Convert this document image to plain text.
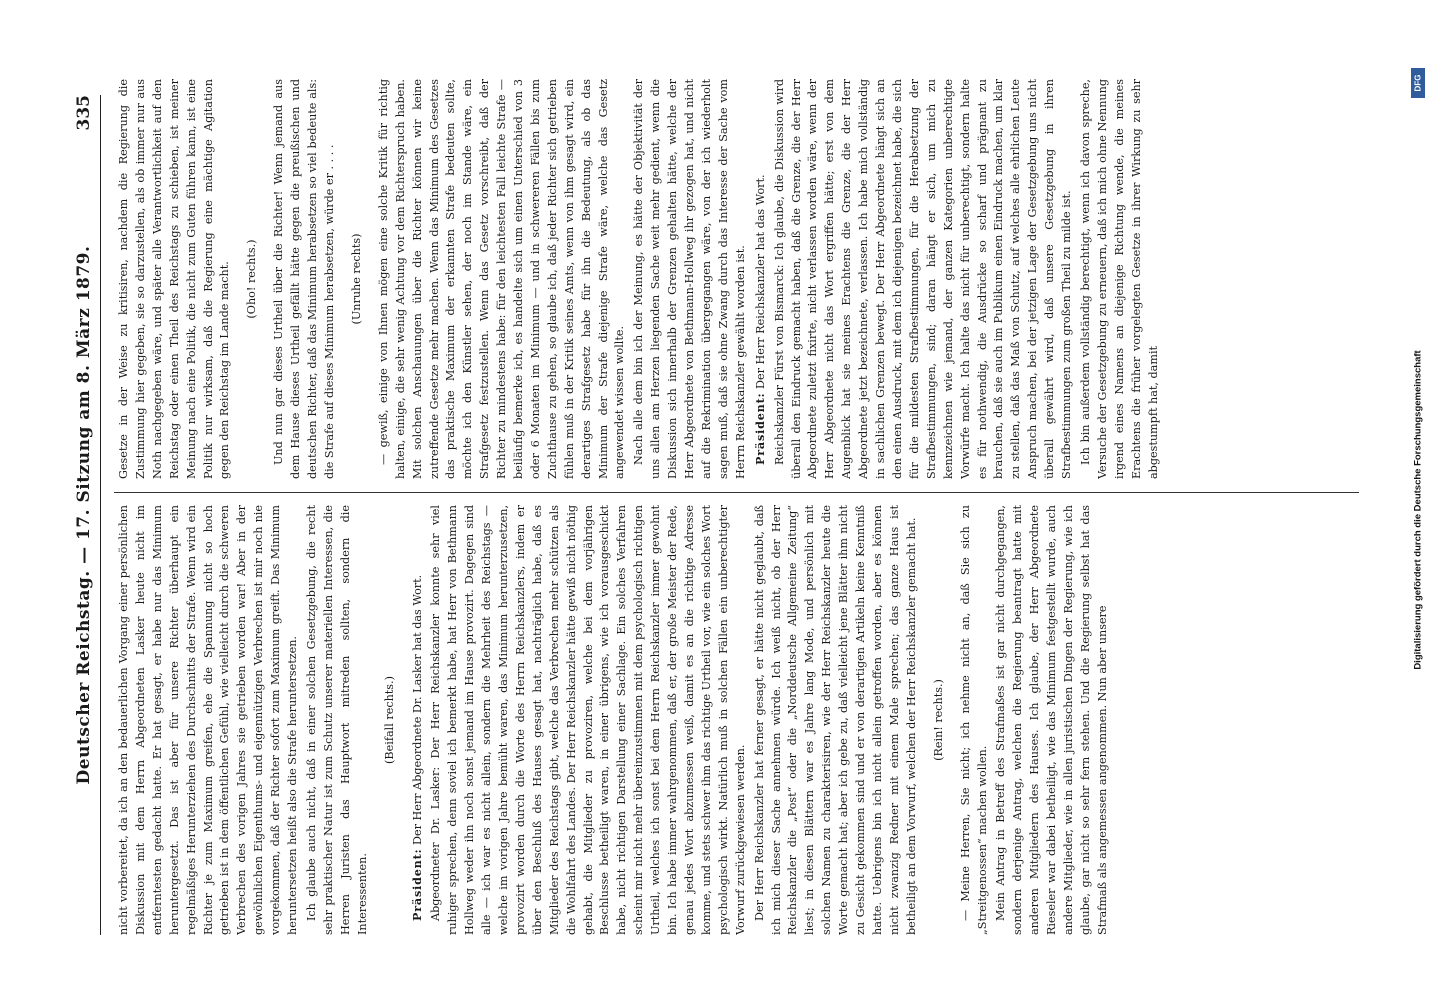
Deutscher Reichstag. — 17. Sitzung am 8. März 1879.
335

nicht vorbereitet, da ich an den bedauerlichen Vorgang einer persönlichen Diskussion mit dem Herrn Abgeordneten Lasker heute nicht im entferntesten gedacht hatte. Er hat gesagt, er habe nur das Minimum heruntergesetzt. Das ist aber für unsere Richter überhaupt ein regelmäßiges Herunterziehen des Durchschnitts der Strafe. Wenn wird ein Richter je zum Maximum greifen, ehe die Spannung nicht so hoch getrieben ist in dem öffentlichen Gefühl, wie vielleicht durch die schweren Verbrechen des vorigen Jahres sie getrieben worden war! Aber in der gewöhnlichen Eigenthums- und eigennützigen Verbrechen ist mir noch nie vorgekommen, daß der Richter sofort zum Maximum greift. Das Minimum heruntersetzen heißt also die Strafe heruntersetzen. Ich glaube auch nicht, daß in einer solchen Gesetzgebung, die recht sehr praktischer Natur ist zum Schutz unserer materiellen Interessen, die Herren Juristen das Hauptwort mitreden sollten, sondern die Interessenten.

(Beifall rechts.)

Präsident: Der Herr Abgeordnete Dr. Lasker hat das Wort. Abgeordneter Dr. Lasker: Der Herr Reichskanzler konnte sehr viel ruhiger sprechen, denn soviel ich bemerkt habe, hat Herr von Bethmann Hollweg weder ihn noch sonst jemand im Hause provozirt. Dagegen sind alle — ich war es nicht allein, sondern die Mehrheit des Reichstags — welche im vorigen Jahre bemüht waren, das Minimum herunterzusetzen, provozirt worden durch die Worte des Herrn Reichskanzlers, indem er über den Beschluß des Hauses gesagt hat, nachträglich habe, daß es Mitglieder des Reichstags gibt, welche das Verbrechen mehr schützen als die Wohlfahrt des Landes. Der Herr Reichskanzler hätte gewiß nicht nöthig gehabt, die Mitglieder zu provoziren, welche bei dem vorjährigen Beschlusse betheiligt waren, in einer übrigens, wie ich vorausgeschickt habe, nicht richtigen Darstellung einer Sachlage. Ein solches Verfahren scheint mir nicht mehr übereinzustimmen mit dem psychologisch richtigen Urtheil, welches ich sonst bei dem Herrn Reichskanzler immer gewohnt bin. Ich habe immer wahrgenommen, daß er, der große Meister der Rede, genau jedes Wort abzumessen weiß, damit es an die richtige Adresse komme, und stets schwer ihm das richtige Urtheil vor, wie ein solches Wort psychologisch wirkt. Natürlich muß in solchen Fällen ein unberechtigter Vorwurf zurückgewiesen werden. Der Herr Reichskanzler hat ferner gesagt, er hätte nicht geglaubt, daß ich mich dieser Sache annehmen würde. Ich weiß nicht, ob der Herr Reichskanzler die „Post“ oder die „Norddeutsche Allgemeine Zeitung“ liest; in diesen Blättern war es Jahre lang Mode, und persönlich mit solchen Namen zu charakterisiren, wie der Herr Reichskanzler heute die Worte gemacht hat; aber ich gebe zu, daß vielleicht jene Blätter ihm nicht zu Gesicht gekommen sind und er von derartigen Artikeln keine Kenntniß hatte. Uebrigens bin ich nicht allein getroffen worden, aber es können nicht zwanzig Redner mit einem Male sprechen; das ganze Haus ist betheiligt an dem Vorwurf, welchen der Herr Reichskanzler gemacht hat. (Rein! rechts.) — Meine Herren, Sie nicht; ich nehme nicht an, daß Sie sich zu „Streitgenossen“ machen wollen. Mein Antrag in Betreff des Strafmaßes ist gar nicht durchgegangen, sondern derjenige Antrag, welchen die Regierung beantragt hatte mit anderen Mitgliedern des Hauses. Ich glaube, der Herr Abgeordnete Rieseler war dabei betheiligt, wie das Minimum festgestellt wurde, auch andere Mitglieder, wie in allen juristischen Dingen der Regierung, wie ich glaube, gar nicht so sehr fern stehen. Und die Regierung selbst hat das Strafmaß als angemessen angenommen. Nun aber unsere

Gesetze in der Weise zu kritisiren, nachdem die Regierung die Zustimmung hier gegeben, sie so darzustellen, als ob immer nur aus Noth nachgegeben wäre, und später alle Verantwortlichkeit auf den Reichstag oder einen Theil des Reichstags zu schieben, ist meiner Meinung nach eine Politik, die nicht zum Guten führen kann, ist eine Politik nur wirksam, daß die Regierung eine mächtige Agitation gegen den Reichstag im Lande macht. (Oho! rechts.) Und nun gar dieses Urtheil über die Richter! Wenn jemand aus dem Hause dieses Urtheil gefällt hätte gegen die preußischen und deutschen Richter, daß das Minimum herabsetzen so viel bedeute als: die Strafe auf dieses Minimum herabsetzen, würde er . . . . (Unruhe rechts) — gewiß, einige von Ihnen mögen eine solche Kritik für richtig halten, einige, die sehr wenig Achtung vor dem Richterspruch haben. Mit solchen Anschauungen über die Richter können wir keine zutreffende Gesetze mehr machen. Wenn das Minimum des Gesetzes das praktische Maximum der erkannten Strafe bedeuten sollte, möchte ich den Künstler sehen, der noch im Stande wäre, ein Strafgesetz festzustellen. Wenn das Gesetz vorschreibt, daß der Richter zu mindestens habe: für den leichtesten Fall leichte Strafe — beiläufig bemerke ich, es handelte sich um einen Unterschied von 3 oder 6 Monaten im Minimum — und in schwereren Fällen bis zum Zuchthause zu gehen, so glaube ich, daß jeder Richter sich getrieben fühlen muß in der Kritik seines Amts, wenn von ihm gesagt wird, ein derartiges Strafgesetz habe für ihn die Bedeutung, als ob das Minimum der Strafe diejenige Strafe wäre, welche das Gesetz angewendet wissen wollte. Nach alle dem bin ich der Meinung, es hätte der Objektivität der uns allen am Herzen liegenden Sache weit mehr gedient, wenn die Diskussion sich innerhalb der Grenzen gehalten hätte, welche der Herr Abgeordnete von Bethmann-Hollweg ihr gezogen hat, und nicht auf die Rekrimination übergegangen wäre, von der ich wiederholt sagen muß, daß sie ohne Zwang durch das Interesse der Sache vom Herrn Reichskanzler gewählt worden ist. Präsident: Der Herr Reichskanzler hat das Wort. Reichskanzler Fürst von Bismarck: Ich glaube, die Diskussion wird überall den Eindruck gemacht haben, daß die Grenze, die der Herr Abgeordnete zuletzt fixirte, nicht verlassen worden wäre, wenn der Herr Abgeordnete nicht das Wort ergriffen hätte; erst von dem Augenblick hat sie meines Erachtens die Grenze, die der Herr Abgeordnete jetzt bezeichnete, verlassen. Ich habe mich vollständig in sachlichen Grenzen bewegt. Der Herr Abgeordnete hängt sich an den einen Ausdruck, mit dem ich diejenigen bezeichnet habe, die sich für die mildesten Strafbestimmungen, für die Herabsetzung der Strafbestimmungen, sind; daran hängt er sich, um mich zu kennzeichnen wie jemand, der ganzen Kategorien unberechtigte Vorwürfe macht. Ich halte das nicht für unberechtigt, sondern halte es für nothwendig, die Ausdrücke so scharf und prägnant zu brauchen, daß sie auch im Publikum einen Eindruck machen, um klar zu stellen, daß das Maß von Schutz, auf welches alle ehrlichen Leute Anspruch machen, bei der jetzigen Lage der Gesetzgebung uns nicht überall gewährt wird, daß unsere Gesetzgebung in ihren Strafbestimmungen zum großen Theil zu milde ist. Ich bin außerdem vollständig berechtigt, wenn ich davon spreche, Versuche der Gesetzgebung zu erneuern, daß ich mich ohne Nennung irgend eines Namens an diejenige Richtung wende, die meines Erachtens die früher vorgelegten Gesetze in ihrer Wirkung zu sehr abgestumpft hat, damit

DFG
Digitalisierung gefördert durch die Deutsche Forschungsgemeinschaft
